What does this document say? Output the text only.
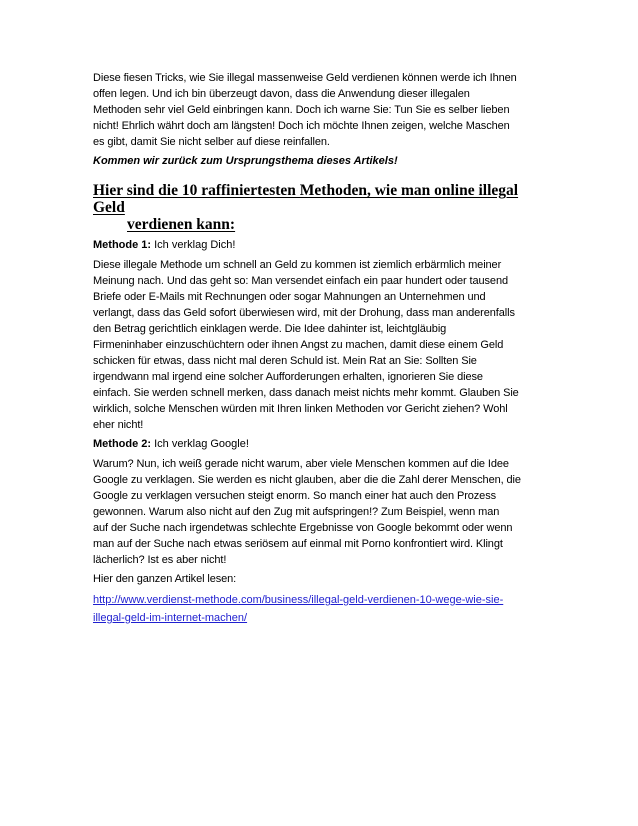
Diese fiesen Tricks, wie Sie illegal massenweise Geld verdienen können werde ich Ihnen
offen legen. Und ich bin überzeugt davon, dass die Anwendung dieser illegalen
Methoden sehr viel Geld einbringen kann. Doch ich warne Sie: Tun Sie es selber lieben
nicht! Ehrlich währt doch am längsten! Doch ich möchte Ihnen zeigen, welche Maschen
es gibt, damit Sie nicht selber auf diese reinfallen.

Kommen wir zurück zum Ursprungsthema dieses Artikels!

Hier sind die 10 raffiniertesten Methoden, wie man online illegal Geld
verdienen kann:

Methode 1: Ich verklag Dich!

Diese illegale Methode um schnell an Geld zu kommen ist ziemlich erbärmlich meiner
Meinung nach. Und das geht so: Man versendet einfach ein paar hundert oder tausend
Briefe oder E-Mails mit Rechnungen oder sogar Mahnungen an Unternehmen und
verlangt, dass das Geld sofort überwiesen wird, mit der Drohung, dass man anderenfalls
den Betrag gerichtlich einklagen werde. Die Idee dahinter ist, leichtgläubig
Firmeninhaber einzuschüchtern oder ihnen Angst zu machen, damit diese einem Geld
schicken für etwas, dass nicht mal deren Schuld ist. Mein Rat an Sie: Sollten Sie
irgendwann mal irgend eine solcher Aufforderungen erhalten, ignorieren Sie diese
einfach. Sie werden schnell merken, dass danach meist nichts mehr kommt. Glauben Sie
wirklich, solche Menschen würden mit Ihren linken Methoden vor Gericht ziehen? Wohl
eher nicht!

Methode 2: Ich verklag Google!

Warum? Nun, ich weiß gerade nicht warum, aber viele Menschen kommen auf die Idee
Google zu verklagen. Sie werden es nicht glauben, aber die die Zahl derer Menschen, die
Google zu verklagen versuchen steigt enorm. So manch einer hat auch den Prozess
gewonnen. Warum also nicht auf den Zug mit aufspringen!? Zum Beispiel, wenn man
auf der Suche nach irgendetwas schlechte Ergebnisse von Google bekommt oder wenn
man auf der Suche nach etwas seriösem auf einmal mit Porno konfrontiert wird. Klingt
lächerlich? Ist es aber nicht!

Hier den ganzen Artikel lesen:

http://www.verdienst-methode.com/business/illegal-geld-verdienen-10-wege-wie-sie-
illegal-geld-im-internet-machen/
